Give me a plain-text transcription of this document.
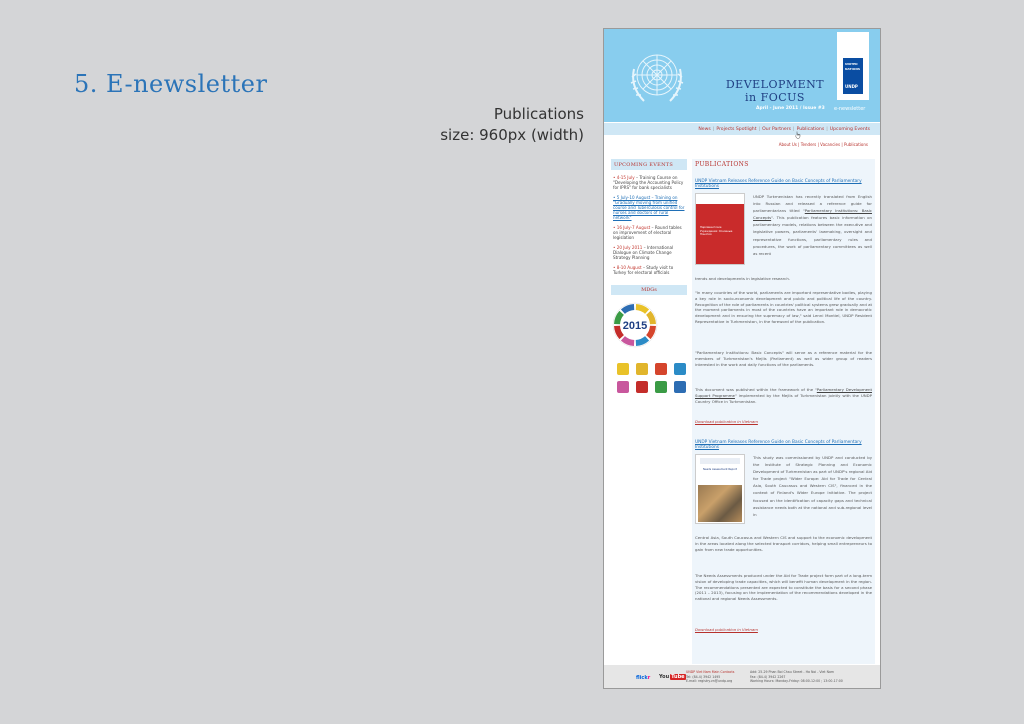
5. E-newsletter
Publications
size: 960px (width)
DEVELOPMENT
in FOCUS
April - June 2011 / Issue #3 e-newsletter
UNITED
NATIONS
UNDP
News | Projects Spotlight | Our Partners | Publications | Upcoming Events
About Us | Tenders | Vacancies | Publications
UPCOMING EVENTS
• 4-15 July – Training Course on "Developing the Accounting Policy for IPRS" for bank specialists
• 5 July-10 August – Training on "Gradually moving from unified course and Tuberculosis control for nurses and doctors of rural network"
• 16 July-7 August – Round tables on improvement of electoral legislation
• 20 July 2011 – International Dialogue on Climate Change Strategy Planning
• 8-10 August – Study visit to Turkey for electoral officials
MDGs
2015
PUBLICATIONS
UNDP Vietnam Releases Reference Guide on Basic Concepts of Parliamentary Institutions
Парламентские Учреждения: Основные Понятия
UNDP Turkmenistan has recently translated from English into Russian and released a reference guide for parliamentarians titled "Parliamentary Institutions: Basic Concepts". This publication features basic information on parliamentary models, relations between the executive and legislative powers, parliaments' lawmaking, oversight and representative functions, parliamentary rules and procedures, the work of parliamentary committees as well as recent
trends and developments in legislative research.
"In many countries of the world, parliaments are important representative bodies, playing a key role in socio-economic development and public and political life of the country. Recognition of the role of parliaments in countries' political systems grew gradually and at the moment parliaments in most of the countries have an important role in democratic development and in ensuring the supremacy of law," said Lenni Montiel, UNDP Resident Representative in Turkmenistan, in the foreword of the publication.
"Parliamentary Institutions: Basic Concepts" will serve as a reference material for the members of Turkmenistan's Mejlis (Parliament) as well as wider group of readers interested in the work and daily functions of the parliaments.
This document was published within the framework of the "Parliamentary Development Support Programme" implemented by the Mejlis of Turkmenistan jointly with the UNDP Country Office in Turkmenistan.
Download publication in Vietnam
UNDP Vietnam Releases Reference Guide on Basic Concepts of Parliamentary Institutions
Needs Assessment Report
This study was commissioned by UNDP and conducted by the Institute of Strategic Planning and Economic Development of Turkmenistan as part of UNDP's regional Aid for Trade project "Wider Europe: Aid for Trade for Central Asia, South Caucasus and Western CIS", financed in the context of Finland's Wider Europe Initiative. The project focused on the identification of capacity gaps and technical assistance needs both at the national and sub-regional level in
Central Asia, South Caucasus and Western CIS and support to the economic development in the areas located along the selected transport corridors, helping small entrepreneurs to gain from new trade opportunities.
The Needs Assessments produced under the Aid for Trade project form part of a long-term vision of developing trade capacities, which will benefit human development in the region. The recommendations presented are expected to constitute the basis for a second phase (2011 – 2013), focusing on the implementation of the recommendations developed in the national and regional Needs Assessments.
Download publication in Vietnam
flickr You Tube
UNDP Viet Nam Main Contacts
Tel: (84-4) 3942 1495
E-mail: registry.vn@undp.org
Add: 25-29 Phan Boi Chau Street - Ha Noi - Viet Nam
Fax: (84-4) 3942 2267
Working Hours: Monday-Friday: 08:00-12:00 ; 13:00-17:00
